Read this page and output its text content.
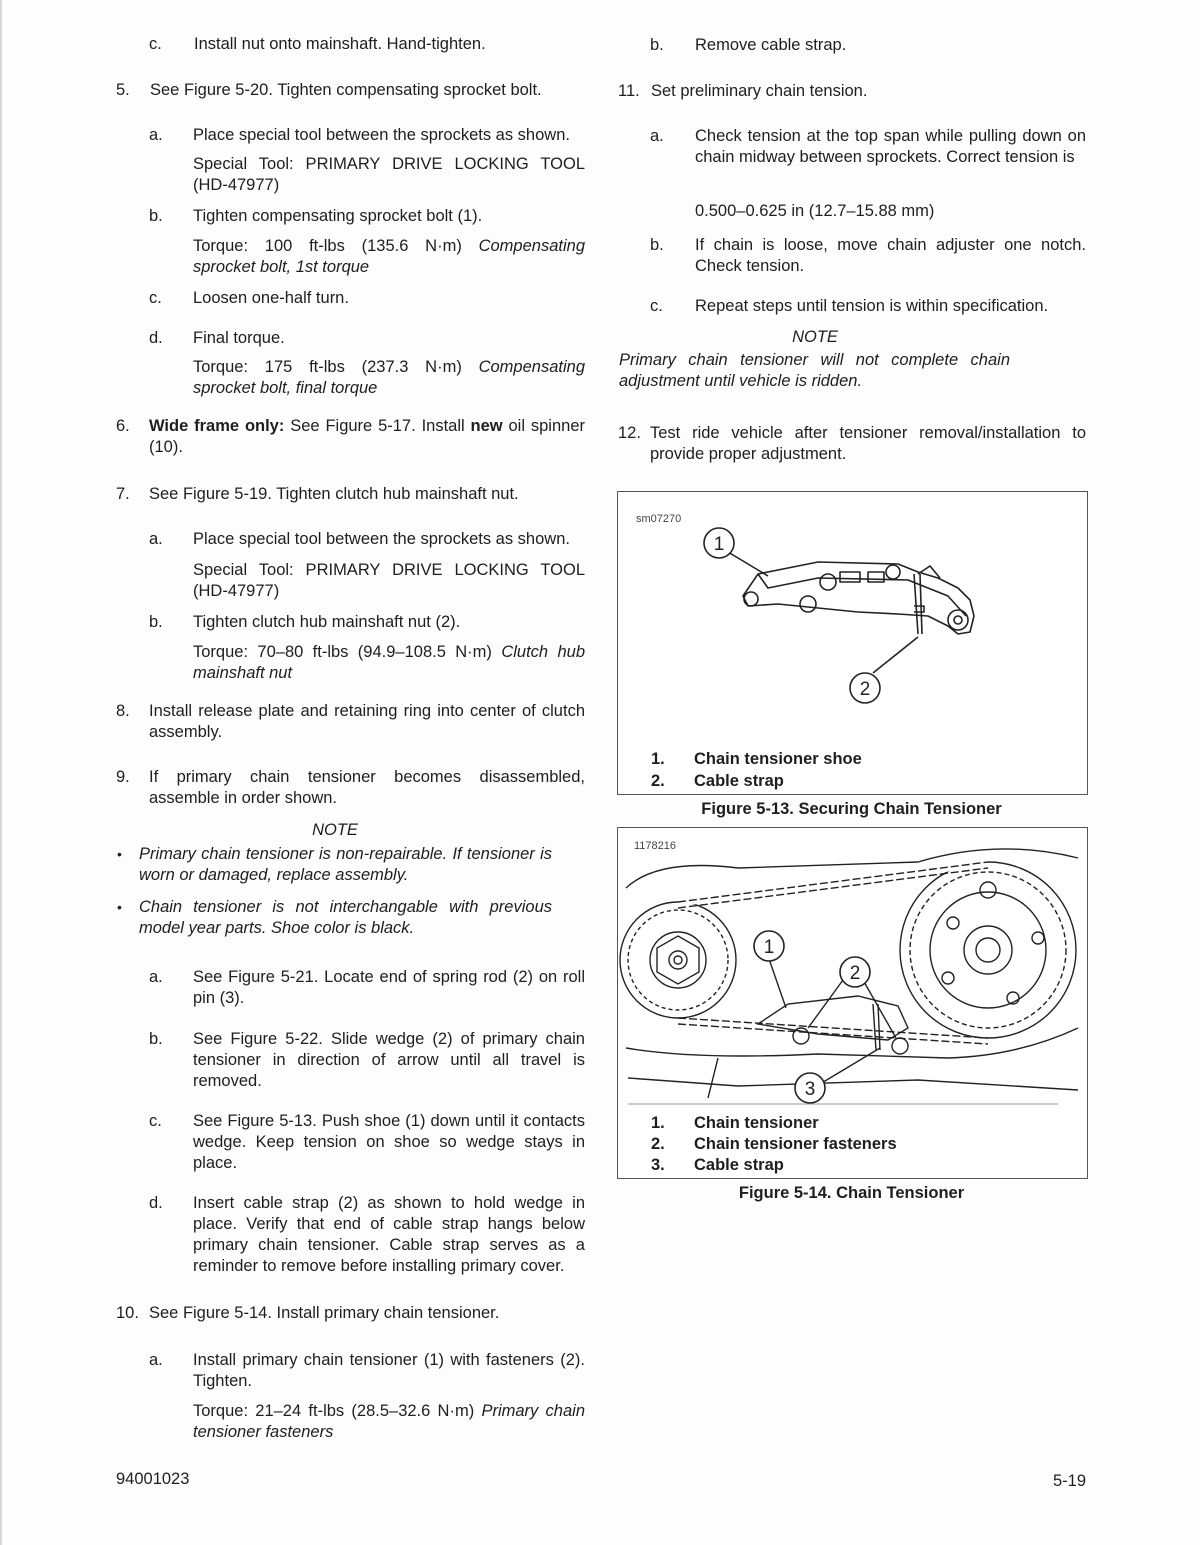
c. Install nut onto mainshaft. Hand-tighten.
5. See Figure 5-20. Tighten compensating sprocket bolt.
a. Place special tool between the sprockets as shown.
Special Tool: PRIMARY DRIVE LOCKING TOOL (HD-47977)
b. Tighten compensating sprocket bolt (1).
Torque: 100 ft-lbs (135.6 N·m) Compensating sprocket bolt, 1st torque
c. Loosen one-half turn.
d. Final torque.
Torque: 175 ft-lbs (237.3 N·m) Compensating sprocket bolt, final torque
6. Wide frame only: See Figure 5-17. Install new oil spinner (10).
7. See Figure 5-19. Tighten clutch hub mainshaft nut.
a. Place special tool between the sprockets as shown.
Special Tool: PRIMARY DRIVE LOCKING TOOL (HD-47977)
b. Tighten clutch hub mainshaft nut (2).
Torque: 70–80 ft-lbs (94.9–108.5 N·m) Clutch hub mainshaft nut
8. Install release plate and retaining ring into center of clutch assembly.
9. If primary chain tensioner becomes disassembled, assemble in order shown.
NOTE
• Primary chain tensioner is non-repairable. If tensioner is worn or damaged, replace assembly.
• Chain tensioner is not interchangable with previous model year parts. Shoe color is black.
a. See Figure 5-21. Locate end of spring rod (2) on roll pin (3).
b. See Figure 5-22. Slide wedge (2) of primary chain tensioner in direction of arrow until all travel is removed.
c. See Figure 5-13. Push shoe (1) down until it contacts wedge. Keep tension on shoe so wedge stays in place.
d. Insert cable strap (2) as shown to hold wedge in place. Verify that end of cable strap hangs below primary chain tensioner. Cable strap serves as a reminder to remove before installing primary cover.
10. See Figure 5-14. Install primary chain tensioner.
a. Install primary chain tensioner (1) with fasteners (2). Tighten.
Torque: 21–24 ft-lbs (28.5–32.6 N·m) Primary chain tensioner fasteners
b. Remove cable strap.
11. Set preliminary chain tension.
a. Check tension at the top span while pulling down on chain midway between sprockets. Correct tension is
0.500–0.625 in (12.7–15.88 mm)
b. If chain is loose, move chain adjuster one notch. Check tension.
c. Repeat steps until tension is within specification.
NOTE
Primary chain tensioner will not complete chain adjustment until vehicle is ridden.
12. Test ride vehicle after tensioner removal/installation to provide proper adjustment.
sm07270
1
2
1. Chain tensioner shoe
2. Cable strap
Figure 5-13. Securing Chain Tensioner
1178216
1
2
3
1. Chain tensioner
2. Chain tensioner fasteners
3. Cable strap
Figure 5-14. Chain Tensioner
94001023	5-19
